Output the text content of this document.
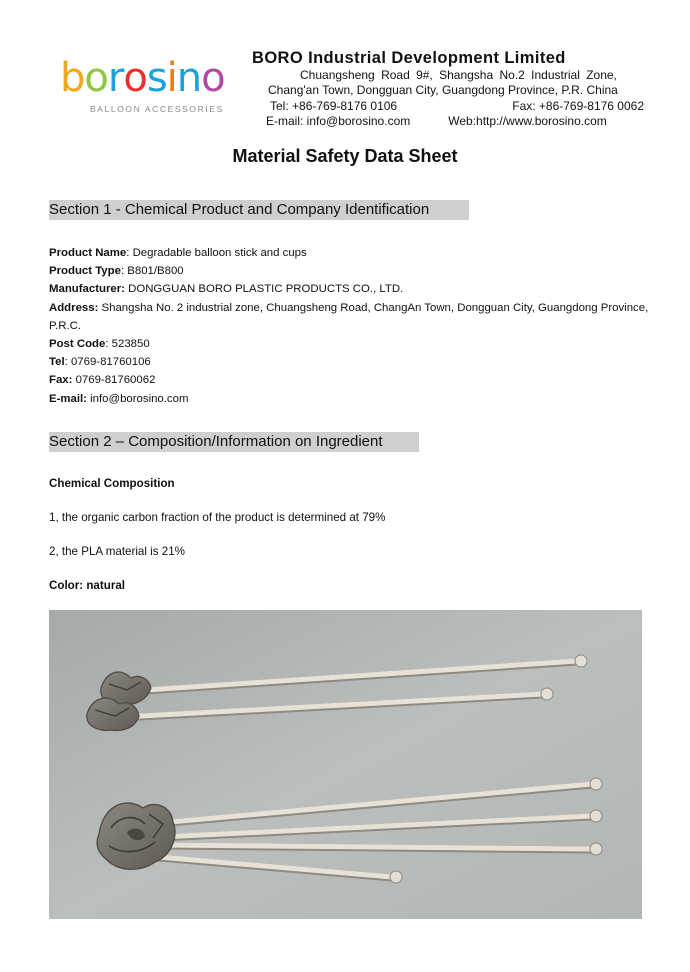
borosino
BALLOON ACCESSORIES
BORO Industrial Development Limited
Chuangsheng Road 9#, Shangsha No.2 Industrial Zone,
Chang'an Town, Dongguan City, Guangdong Province, P.R. China
Tel: +86-769-8176 0106	Fax: +86-769-8176 0062
E-mail: info@borosino.com	Web:http://www.borosino.com
Material Safety Data Sheet
Section 1 - Chemical Product and Company Identification
Product Name: Degradable balloon stick and cups
Product Type: B801/B800
Manufacturer: DONGGUAN BORO PLASTIC PRODUCTS CO., LTD.
Address: Shangsha No. 2 industrial zone, Chuangsheng Road, ChangAn Town, Dongguan City, Guangdong Province, P.R.C.
Post Code: 523850
Tel: 0769-81760106
Fax: 0769-81760062
E-mail: info@borosino.com
Section 2 – Composition/Information on Ingredient
Chemical Composition
1, the organic carbon fraction of the product is determined at 79%
2, the PLA material is 21%
Color: natural
